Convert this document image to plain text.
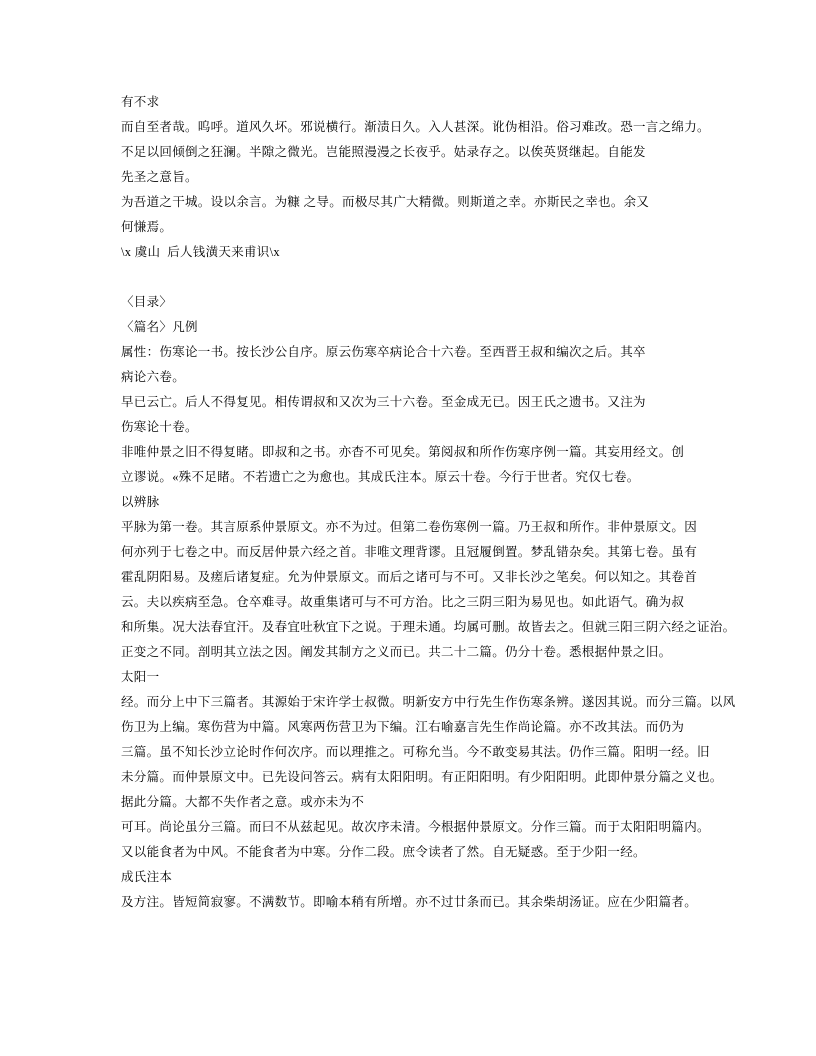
有不求
而自至者哉。呜呼。道风久坏。邪说横行。渐渍日久。入人甚深。讹伪相沿。俗习难改。恐一言之绵力。
不足以回倾倒之狂澜。半隙之微光。岂能照漫漫之长夜乎。姑录存之。以俟英贤继起。自能发
先圣之意旨。
为吾道之干城。设以余言。为糠 之导。而极尽其广大精微。则斯道之幸。亦斯民之幸也。余又
何慊焉。
\x 虞山  后人钱潢天来甫识\x
〈目录〉
〈篇名〉凡例
属性：伤寒论一书。按长沙公自序。原云伤寒卒病论合十六卷。至西晋王叔和编次之后。其卒
病论六卷。
早已云亡。后人不得复见。相传谓叔和又次为三十六卷。至金成无已。因王氏之遗书。又注为
伤寒论十卷。
非唯仲景之旧不得复睹。即叔和之书。亦杳不可见矣。第阅叔和所作伤寒序例一篇。其妄用经文。创
立谬说。«殊不足睹。不若遗亡之为愈也。其成氏注本。原云十卷。今行于世者。究仅七卷。
以辨脉
平脉为第一卷。其言原系仲景原文。亦不为过。但第二卷伤寒例一篇。乃王叔和所作。非仲景原文。因
何亦列于七卷之中。而反居仲景六经之首。非唯文理背谬。且冠履倒置。梦乱错杂矣。其第七卷。虽有
霍乱阴阳易。及瘥后诸复症。允为仲景原文。而后之诸可与不可。又非长沙之笔矣。何以知之。其卷首
云。夫以疾病至急。仓卒难寻。故重集诸可与不可方治。比之三阴三阳为易见也。如此语气。确为叔
和所集。况大法春宜汗。及春宜吐秋宜下之说。于理未通。均属可删。故皆去之。但就三阳三阴六经之证治。
正变之不同。剖明其立法之因。阐发其制方之义而已。共二十二篇。仍分十卷。悉根据仲景之旧。
太阳一
经。而分上中下三篇者。其源始于宋许学士叔微。明新安方中行先生作伤寒条辨。遂因其说。而分三篇。以风
伤卫为上编。寒伤营为中篇。风寒两伤营卫为下编。江右喻嘉言先生作尚论篇。亦不改其法。而仍为
三篇。虽不知长沙立论时作何次序。而以理推之。可称允当。今不敢变易其法。仍作三篇。阳明一经。旧
未分篇。而仲景原文中。已先设问答云。病有太阳阳明。有正阳阳明。有少阳阳明。此即仲景分篇之义也。
据此分篇。大都不失作者之意。或亦未为不
可耳。尚论虽分三篇。而曰不从兹起见。故次序未清。今根据仲景原文。分作三篇。而于太阳阳明篇内。
又以能食者为中风。不能食者为中寒。分作二段。庶令读者了然。自无疑惑。至于少阳一经。
成氏注本
及方注。皆短简寂寥。不满数节。即喻本稍有所增。亦不过廿条而已。其余柴胡汤证。应在少阳篇者。
